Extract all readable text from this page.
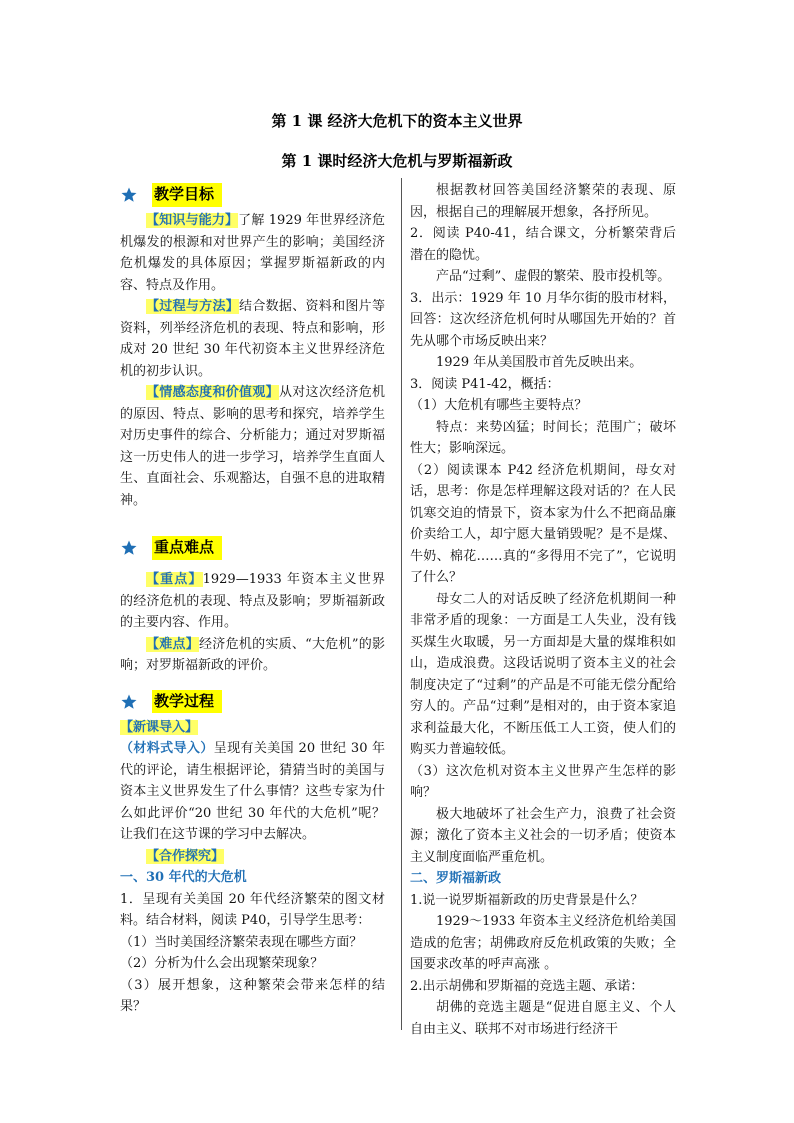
第 1 课 经济大危机下的资本主义世界
第 1 课时经济大危机与罗斯福新政
教学目标

【知识与能力】了解 1929 年世界经济危机爆发的根源和对世界产生的影响；美国经济危机爆发的具体原因；掌握罗斯福新政的内容、特点及作用。

【过程与方法】结合数据、资料和图片等资料，列举经济危机的表现、特点和影响，形成对 20 世纪 30 年代初资本主义世界经济危机的初步认识。

【情感态度和价值观】从对这次经济危机的原因、特点、影响的思考和探究，培养学生对历史事件的综合、分析能力；通过对罗斯福这一历史伟人的进一步学习，培养学生直面人生、直面社会、乐观豁达，自强不息的进取精神。

重点难点

【重点】1929—1933 年资本主义世界的经济危机的表现、特点及影响；罗斯福新政的主要内容、作用。

【难点】经济危机的实质、“大危机”的影响；对罗斯福新政的评价。

教学过程

【新课导入】

（材料式导入）呈现有关美国 20 世纪 30 年代的评论，请生根据评论，猜猜当时的美国与资本主义世界发生了什么事情？这些专家为什么如此评价“20 世纪 30 年代的大危机”呢？让我们在这节课的学习中去解决。

【合作探究】

一、30 年代的大危机

1．呈现有关美国 20 年代经济繁荣的图文材料。结合材料，阅读 P40，引导学生思考：

（1）当时美国经济繁荣表现在哪些方面？

（2）分析为什么会出现繁荣现象？

（3）展开想象，这种繁荣会带来怎样的结果？

根据教材回答美国经济繁荣的表现、原因，根据自己的理解展开想象，各抒所见。

2．阅读 P40-41，结合课文，分析繁荣背后潜在的隐忧。

产品“过剩”、虚假的繁荣、股市投机等。

3．出示：1929 年 10 月华尔街的股市材料，回答：这次经济危机何时从哪国先开始的？首先从哪个市场反映出来？

1929 年从美国股市首先反映出来。

3．阅读 P41-42，概括：

（1）大危机有哪些主要特点？

特点：来势凶猛；时间长；范围广；破坏性大；影响深远。

（2）阅读课本 P42 经济危机期间，母女对话，思考：你是怎样理解这段对话的？在人民饥寒交迫的情景下，资本家为什么不把商品廉价卖给工人，却宁愿大量销毁呢？是不是煤、牛奶、棉花……真的“多得用不完了”，它说明了什么？

母女二人的对话反映了经济危机期间一种非常矛盾的现象：一方面是工人失业，没有钱买煤生火取暖，另一方面却是大量的煤堆积如山，造成浪费。这段话说明了资本主义的社会制度决定了“过剩”的产品是不可能无偿分配给穷人的。产品“过剩”是相对的，由于资本家追求利益最大化，不断压低工人工资，使人们的购买力普遍较低。

（3）这次危机对资本主义世界产生怎样的影响？

极大地破坏了社会生产力，浪费了社会资源；激化了资本主义社会的一切矛盾；使资本主义制度面临严重危机。

二、罗斯福新政

1.说一说罗斯福新政的历史背景是什么？

1929～1933 年资本主义经济危机给美国造成的危害；胡佛政府反危机政策的失败；全国要求改革的呼声高涨 。

2.出示胡佛和罗斯福的竞选主题、承诺：

胡佛的竞选主题是“促进自愿主义、个人自由主义、联邦不对市场进行经济干
